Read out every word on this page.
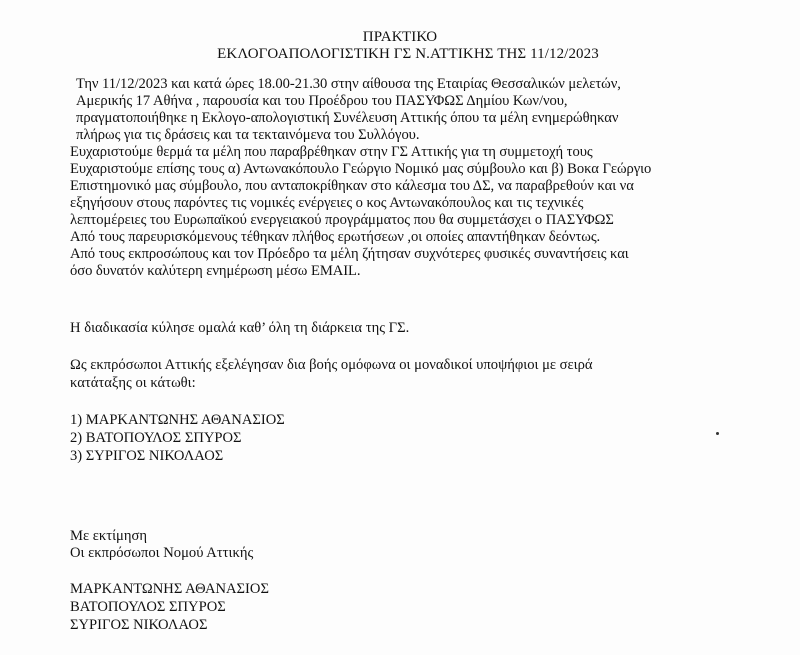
ΠΡΑΚΤΙΚΟ
ΕΚΛΟΓΟΑΠΟΛΟΓΙΣΤΙΚΗ ΓΣ Ν.ΑΤΤΙΚΗΣ ΤΗΣ 11/12/2023
Την 11/12/2023 και κατά ώρες 18.00-21.30 στην αίθουσα της Εταιρίας Θεσσαλικών μελετών,
Αμερικής 17 Αθήνα , παρουσία και του Προέδρου του ΠΑΣΥΦΩΣ Δημίου Κων/νου,
πραγματοποιήθηκε η Εκλογο-απολογιστική Συνέλευση Αττικής όπου τα μέλη ενημερώθηκαν
πλήρως για τις δράσεις και τα τεκταινόμενα του Συλλόγου.
Ευχαριστούμε θερμά τα μέλη που παραβρέθηκαν στην ΓΣ Αττικής για τη συμμετοχή τους
Ευχαριστούμε επίσης τους α) Αντωνακόπουλο Γεώργιο Νομικό μας σύμβουλο και β) Βοκα Γεώργιο
Επιστημονικό μας σύμβουλο, που ανταποκρίθηκαν στο κάλεσμα του ΔΣ, να παραβρεθούν και να
εξηγήσουν στους παρόντες τις νομικές ενέργειες ο κος Αντωνακόπουλος και τις τεχνικές
λεπτομέρειες του Ευρωπαϊκού ενεργειακού προγράμματος που θα συμμετάσχει ο ΠΑΣΥΦΩΣ
Από τους παρευρισκόμενους τέθηκαν πλήθος ερωτήσεων ,οι οποίες απαντήθηκαν δεόντως.
Από τους εκπροσώπους και τον Πρόεδρο τα μέλη ζήτησαν συχνότερες φυσικές συναντήσεις και
όσο δυνατόν καλύτερη ενημέρωση μέσω EMAIL.
Η διαδικασία κύλησε ομαλά καθ’ όλη τη διάρκεια της ΓΣ.
Ως εκπρόσωποι Αττικής εξελέγησαν δια βοής ομόφωνα οι μοναδικοί υποψήφιοι με σειρά
κατάταξης οι κάτωθι:
1) ΜΑΡΚΑΝΤΩΝΗΣ ΑΘΑΝΑΣΙΟΣ
2) ΒΑΤΟΠΟΥΛΟΣ ΣΠΥΡΟΣ
3) ΣΥΡΙΓΟΣ ΝΙΚΟΛΑΟΣ
Με εκτίμηση
Οι εκπρόσωποι Νομού Αττικής
ΜΑΡΚΑΝΤΩΝΗΣ ΑΘΑΝΑΣΙΟΣ
ΒΑΤΟΠΟΥΛΟΣ ΣΠΥΡΟΣ
ΣΥΡΙΓΟΣ ΝΙΚΟΛΑΟΣ
